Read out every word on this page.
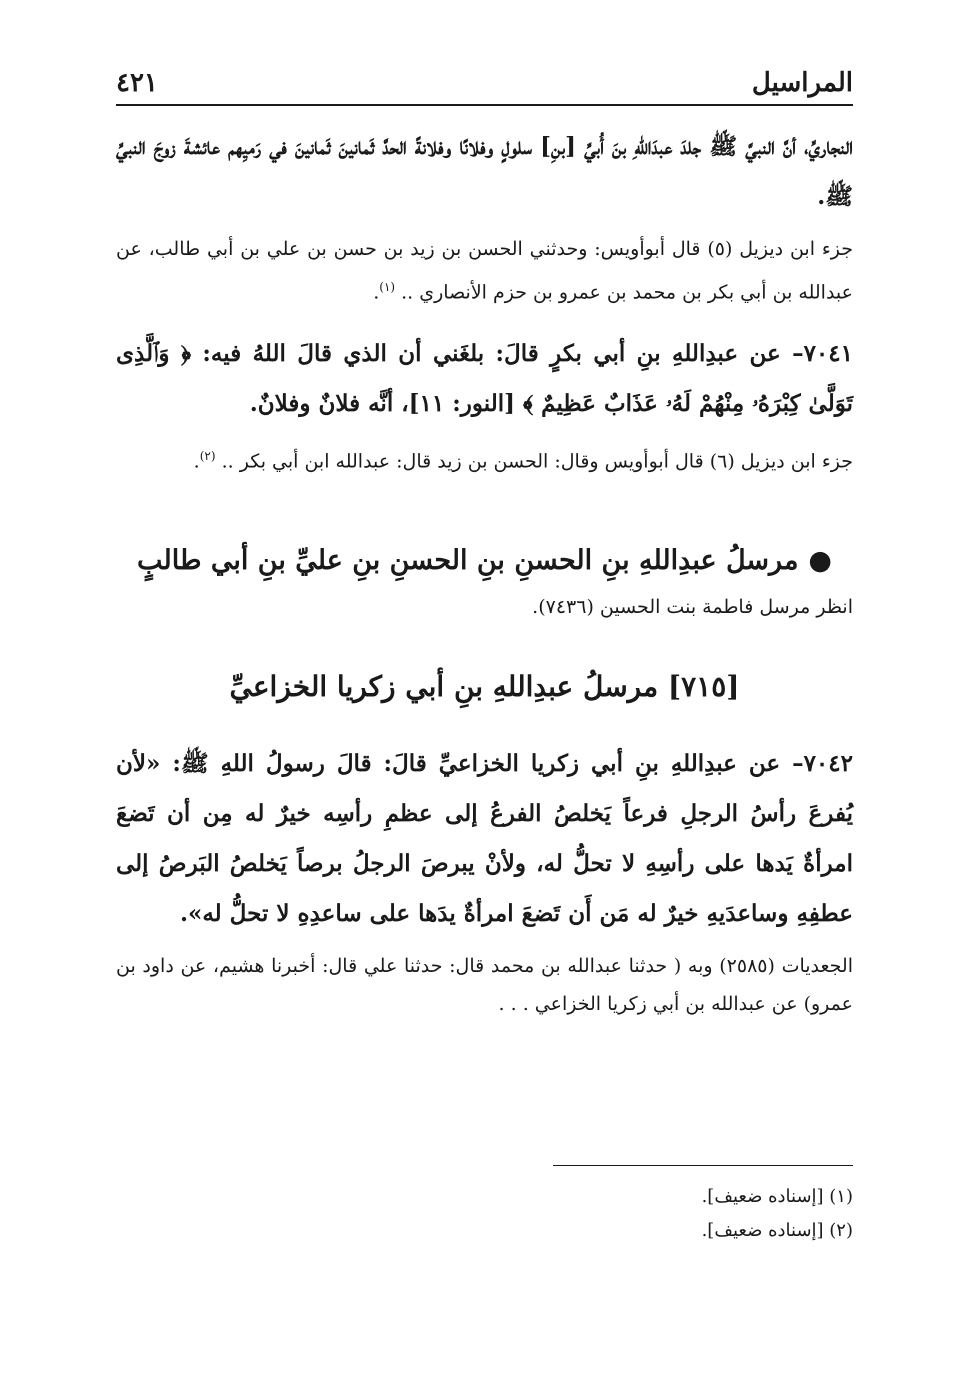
المراسيل
٤٢١

النجاريِّ، أنَّ النبيَّ ﷺ جلدَ عبدَاللهِ بنَ أُبيِّ [بنِ] سلولٍ وفلانًا وفلانةً الحدَّ ثَمانينَ ثَمانينَ في رَميِهم عائشةَ زوجَ النبيِّ ﷺ.

جزء ابن ديزيل (٥) قال أبوأويس: وحدثني الحسن بن زيد بن حسن بن علي بن أبي طالب، عن عبدالله بن أبي بكر بن محمد بن عمرو بن حزم الأنصاري .. $^{(١)}$.

٧٠٤١– عن عبدِاللهِ بنِ أبي بكرٍ قالَ: بلغَني أن الذي قالَ اللهُ فيه: ﴿ وَٱلَّذِى تَوَلَّىٰ كِبْرَهُۥ مِنْهُمْ لَهُۥ عَذَابٌ عَظِيمٌ ﴾ [النور: ١١]، أنَّه فلانٌ وفلانٌ.

جزء ابن ديزيل (٦) قال أبوأويس وقال: الحسن بن زيد قال: عبدالله ابن أبي بكر .. $^{(٢)}$.

●مرسلُ عبدِاللهِ بنِ الحسنِ بنِ الحسنِ بنِ عليِّ بنِ أبي طالبٍ

انظر مرسل فاطمة بنت الحسين (٧٤٣٦).

[٧١٥] مرسلُ عبدِاللهِ بنِ أبي زكريا الخزاعيِّ

٧٠٤٢– عن عبدِاللهِ بنِ أبي زكريا الخزاعيِّ قالَ: قالَ رسولُ اللهِ ﷺ: «لأن يُفرعَ رأسُ الرجلِ فرعاً يَخلصُ الفرعُ إلى عظمِ رأسِه خيرٌ له مِن أن تَضعَ امرأةٌ يَدها على رأسِهِ لا تحلُّ له، ولأنْ يبرصَ الرجلُ برصاً يَخلصُ البَرصُ إلى عطفِهِ وساعدَيهِ خيرٌ له مَن أَن تَضعَ امرأةٌ يدَها على ساعدِهِ لا تحلُّ له».

الجعديات (٢٥٨٥) وبه ( حدثنا عبدالله بن محمد قال: حدثنا علي قال: أخبرنا هشيم، عن داود بن عمرو) عن عبدالله بن أبي زكريا الخزاعي . . .

(١) [إسناده ضعيف].
(٢) [إسناده ضعيف].
